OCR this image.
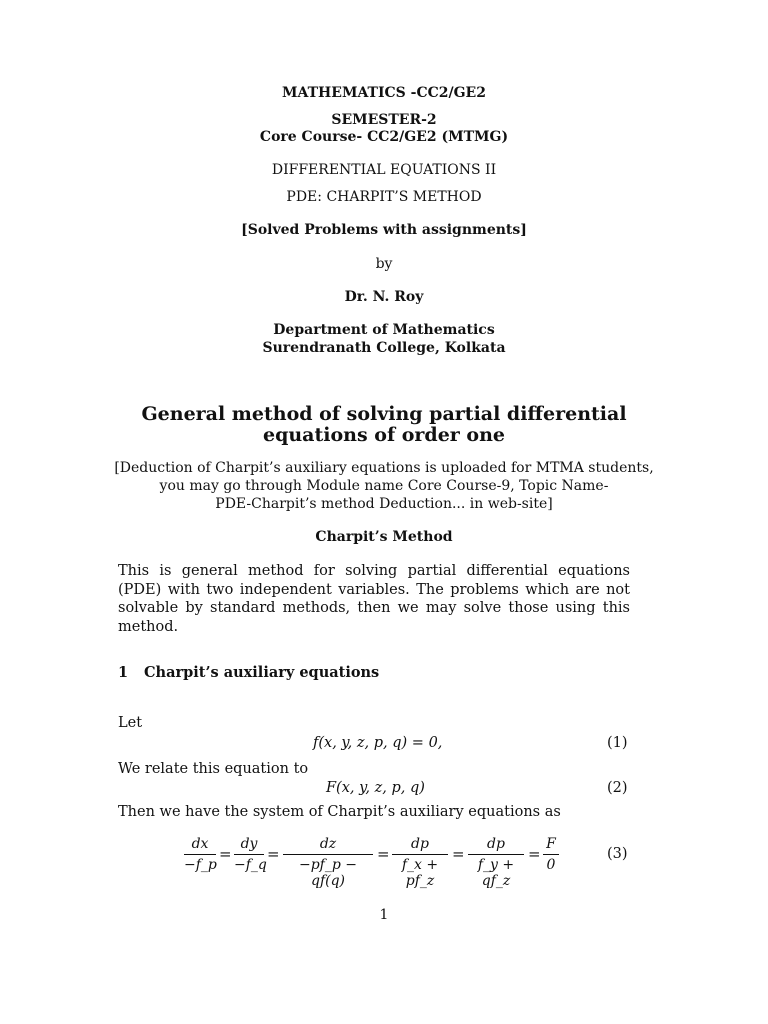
MATHEMATICS -CC2/GE2
SEMESTER-2
Core Course- CC2/GE2 (MTMG)
DIFFERENTIAL EQUATIONS II
PDE: CHARPIT’S METHOD
[Solved Problems with assignments]
by
Dr. N. Roy
Department of Mathematics
Surendranath College, Kolkata
General method of solving partial differential
equations of order one
[Deduction of Charpit’s auxiliary equations is uploaded for MTMA students,
you may go through Module name Core Course-9, Topic Name-
PDE-Charpit’s method Deduction... in web-site]
Charpit’s Method
This is general method for solving partial differential equations (PDE) with two independent variables. The problems which are not solvable by standard methods, then we may solve those using this method.
1 Charpit’s auxiliary equations
Let
f(x, y, z, p, q) = 0,	(1)
We relate this equation to
F(x, y, z, p, q)	(2)
Then we have the system of Charpit’s auxiliary equations as
$\frac{dx}{-f\_p} = \frac{dy}{-f\_q} = \frac{dz}{-pf\_p - qf(q)} = \frac{dp}{f\_x + pf\_z} = \frac{dp}{f\_y + qf\_z} = \frac{F}{0}$	(3)
1
